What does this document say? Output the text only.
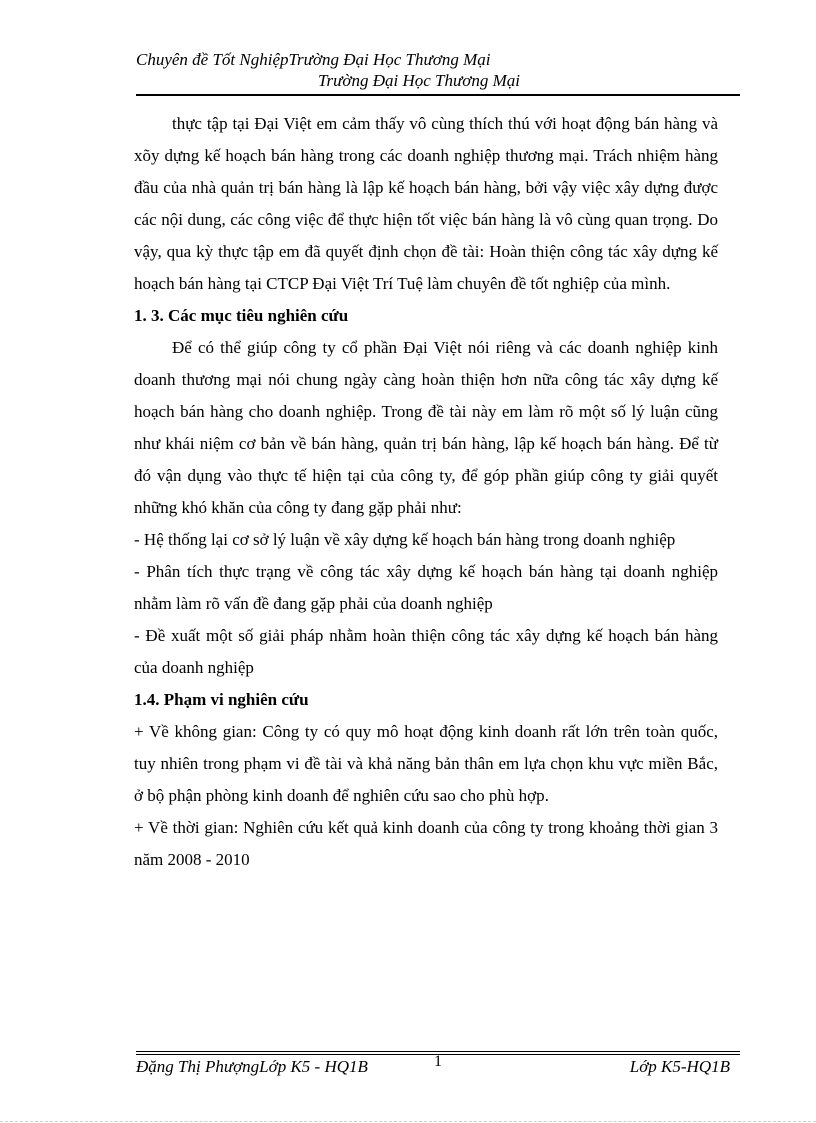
Chuyên đề Tốt NghiệpTrường Đại Học Thương Mại
Trường Đại Học Thương Mại

thực tập tại Đại Việt em cảm thấy vô cùng thích thú với hoạt động bán hàng và xõy dựng kế hoạch bán hàng trong các doanh nghiệp thương mại. Trách nhiệm hàng đầu của nhà quản trị bán hàng là lập kế hoạch bán hàng, bởi vậy việc xây dựng được các nội dung, các công việc để thực hiện tốt việc bán hàng là vô cùng quan trọng. Do vậy, qua kỳ thực tập em đã quyết định chọn đề tài: Hoàn thiện công tác xây dựng kế hoạch bán hàng tại CTCP Đại Việt Trí Tuệ làm chuyên đề tốt nghiệp của mình.

1. 3. Các mục tiêu nghiên cứu

Để có thể giúp công ty cổ phần Đại Việt nói riêng và các doanh nghiệp kinh doanh thương mại nói chung ngày càng hoàn thiện hơn nữa công tác xây dựng kế hoạch bán hàng cho doanh nghiệp. Trong đề tài này em làm rõ một số lý luận cũng như khái niệm cơ bản về bán hàng, quản trị bán hàng, lập kế hoạch bán hàng. Để từ đó vận dụng vào thực tế hiện tại của công ty, để góp phần giúp công ty giải quyết những khó khăn của công ty đang gặp phải như:

- Hệ thống lại cơ sở lý luận về xây dựng kế hoạch bán hàng trong doanh nghiệp

- Phân tích thực trạng về công tác xây dựng kế hoạch bán hàng tại doanh nghiệp nhằm làm rõ vấn đề đang gặp phải của doanh nghiệp

- Đề xuất một số giải pháp nhằm hoàn thiện công tác xây dựng kế hoạch bán hàng của doanh nghiệp

1.4. Phạm vi nghiên cứu

+ Về không gian: Công ty có quy mô hoạt động kinh doanh rất lớn trên toàn quốc, tuy nhiên trong phạm vi đề tài và khả năng bản thân em lựa chọn khu vực miền Bắc, ở bộ phận phòng kinh doanh để nghiên cứu sao cho phù hợp.

+ Về thời gian: Nghiên cứu kết quả kinh doanh của công ty trong khoảng thời gian 3 năm 2008 - 2010

Đặng Thị PhượngLớp K5 - HQ1B	1	Lớp K5-HQ1B
